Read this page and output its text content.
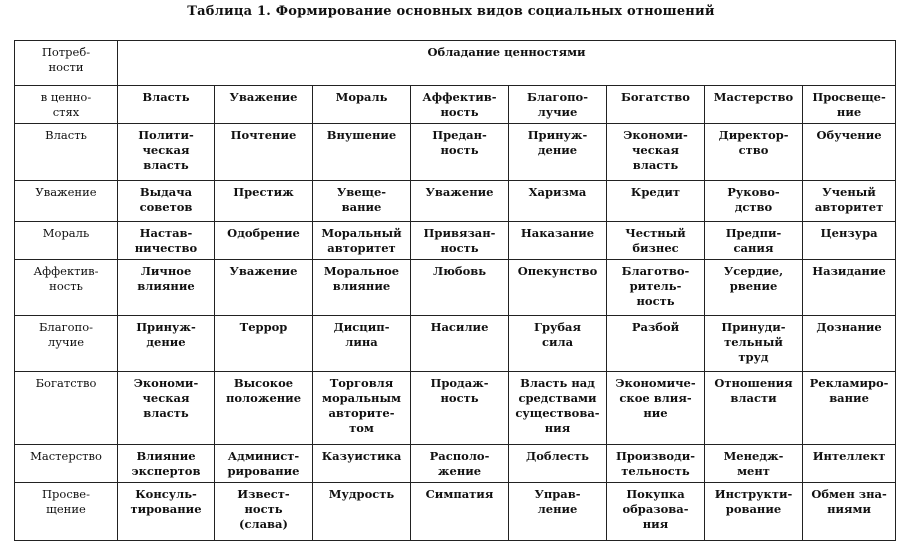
Таблица 1. Формирование основных видов социальных отношений
Потреб-
ности	Обладание ценностями							

в ценно-
стях	Власть	Уважение	Мораль	Аффектив-
ность	Благопо-
лучие	Богатство	Мастерство	Просвеще-
ние

Власть	Полити-
ческая
власть	Почтение	Внушение	Предан-
ность	Принуж-
дение	Экономи-
ческая
власть	Директор-
ство	Обучение

Уважение	Выдача
советов	Престиж	Увеще-
вание	Уважение	Харизма	Кредит	Руково-
дство	Ученый
авторитет

Мораль	Настав-
ничество	Одобрение	Моральный
авторитет	Привязан-
ность	Наказание	Честный
бизнес	Предпи-
сания	Цензура

Аффектив-
ность	Личное
влияние	Уважение	Моральное
влияние	Любовь	Опекунство	Благотво-
ритель-
ность	Усердие,
рвение	Назидание

Благопо-
лучие	Принуж-
дение	Террор	Дисцип-
лина	Насилие	Грубая
сила	Разбой	Принуди-
тельный
труд	Дознание

Богатство	Экономи-
ческая
власть	Высокое
положение	Торговля
моральным
авторите-
том	Продаж-
ность	Власть над
средствами
существова-
ния	Экономиче-
ское влия-
ние	Отношения
власти	Рекламиро-
вание

Мастерство	Влияние
экспертов	Админист-
рирование	Казуистика	Располо-
жение	Доблесть	Производи-
тельность	Менедж-
мент	Интеллект

Просве-
щение	Консуль-
тирование	Извест-
ность
(слава)	Мудрость	Симпатия	Управ-
ление	Покупка
образова-
ния	Инструкти-
рование	Обмен зна-
ниями
